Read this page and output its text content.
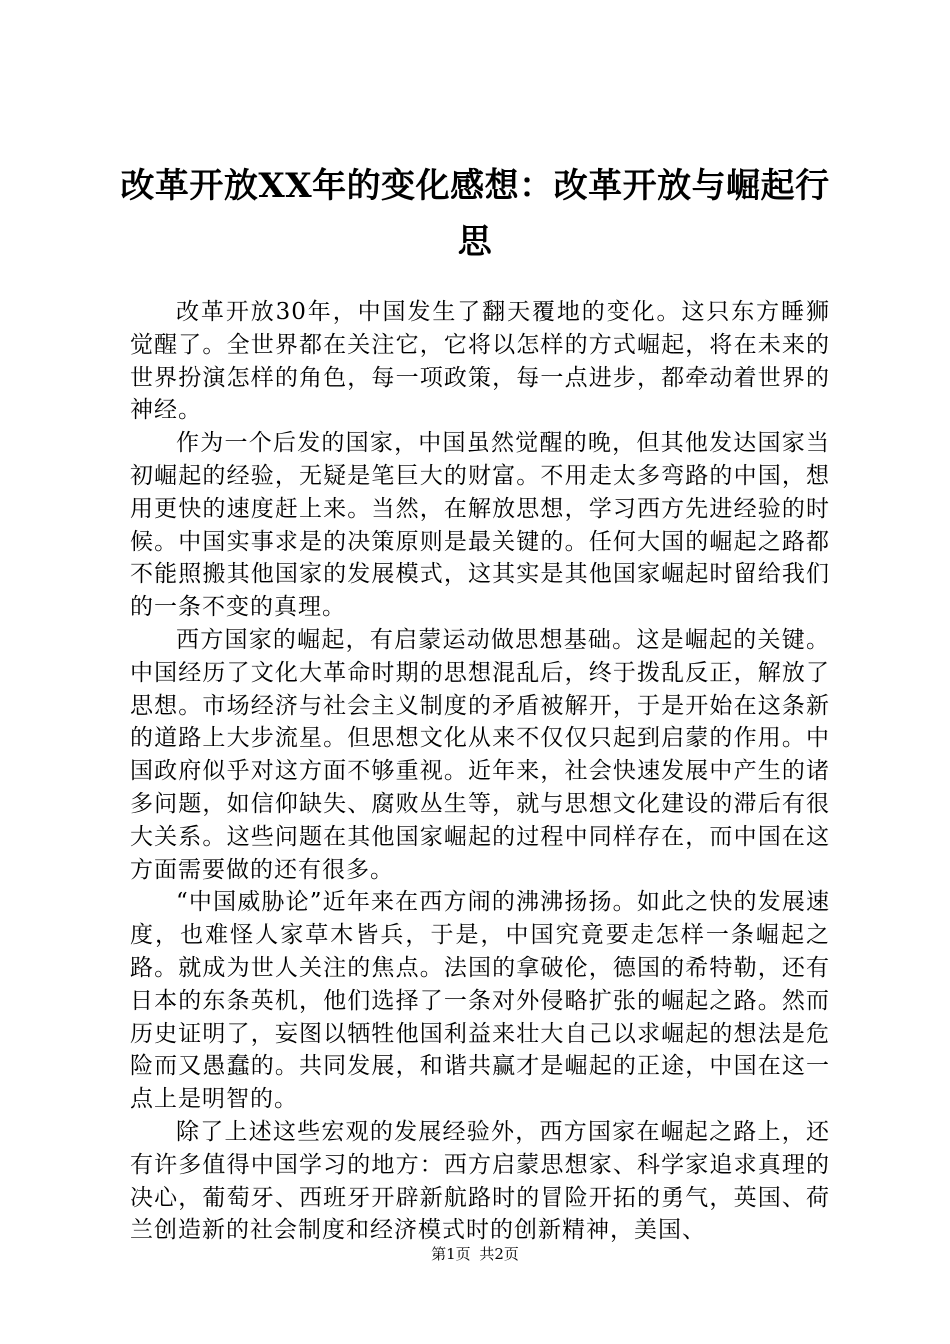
改革开放XX年的变化感想：改革开放与崛起行思

改革开放30年，中国发生了翻天覆地的变化。这只东方睡狮觉醒了。全世界都在关注它，它将以怎样的方式崛起，将在未来的世界扮演怎样的角色，每一项政策，每一点进步，都牵动着世界的神经。

作为一个后发的国家，中国虽然觉醒的晚，但其他发达国家当初崛起的经验，无疑是笔巨大的财富。不用走太多弯路的中国，想用更快的速度赶上来。当然，在解放思想，学习西方先进经验的时候。中国实事求是的决策原则是最关键的。任何大国的崛起之路都不能照搬其他国家的发展模式，这其实是其他国家崛起时留给我们的一条不变的真理。

西方国家的崛起，有启蒙运动做思想基础。这是崛起的关键。中国经历了文化大革命时期的思想混乱后，终于拨乱反正，解放了思想。市场经济与社会主义制度的矛盾被解开，于是开始在这条新的道路上大步流星。但思想文化从来不仅仅只起到启蒙的作用。中国政府似乎对这方面不够重视。近年来，社会快速发展中产生的诸多问题，如信仰缺失、腐败丛生等，就与思想文化建设的滞后有很大关系。这些问题在其他国家崛起的过程中同样存在，而中国在这方面需要做的还有很多。

“中国威胁论”近年来在西方闹的沸沸扬扬。如此之快的发展速度，也难怪人家草木皆兵，于是，中国究竟要走怎样一条崛起之路。就成为世人关注的焦点。法国的拿破伦，德国的希特勒，还有日本的东条英机，他们选择了一条对外侵略扩张的崛起之路。然而历史证明了，妄图以牺牲他国利益来壮大自己以求崛起的想法是危险而又愚蠢的。共同发展，和谐共赢才是崛起的正途，中国在这一点上是明智的。

除了上述这些宏观的发展经验外，西方国家在崛起之路上，还有许多值得中国学习的地方：西方启蒙思想家、科学家追求真理的决心，葡萄牙、西班牙开辟新航路时的冒险开拓的勇气，英国、荷兰创造新的社会制度和经济模式时的创新精神，美国、

第1页 共2页
